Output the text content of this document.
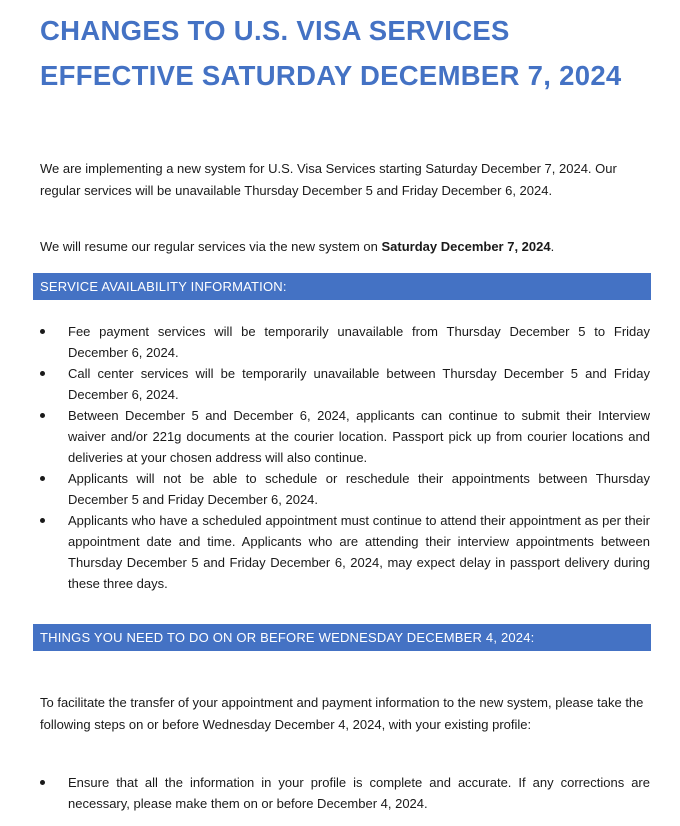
CHANGES TO U.S. VISA SERVICES EFFECTIVE SATURDAY DECEMBER 7, 2024
We are implementing a new system for U.S. Visa Services starting Saturday December 7, 2024. Our regular services will be unavailable Thursday December 5 and Friday December 6, 2024.
We will resume our regular services via the new system on Saturday December 7, 2024.
SERVICE AVAILABILITY INFORMATION:
Fee payment services will be temporarily unavailable from Thursday December 5 to Friday December 6, 2024.
Call center services will be temporarily unavailable between Thursday December 5 and Friday December 6, 2024.
Between December 5 and December 6, 2024, applicants can continue to submit their Interview waiver and/or 221g documents at the courier location. Passport pick up from courier locations and deliveries at your chosen address will also continue.
Applicants will not be able to schedule or reschedule their appointments between Thursday December 5 and Friday December 6, 2024.
Applicants who have a scheduled appointment must continue to attend their appointment as per their appointment date and time. Applicants who are attending their interview appointments between Thursday December 5 and Friday December 6, 2024, may expect delay in passport delivery during these three days.
THINGS YOU NEED TO DO ON OR BEFORE WEDNESDAY DECEMBER 4, 2024:
To facilitate the transfer of your appointment and payment information to the new system, please take the following steps on or before Wednesday December 4, 2024, with your existing profile:
Ensure that all the information in your profile is complete and accurate. If any corrections are necessary, please make them on or before December 4, 2024.
